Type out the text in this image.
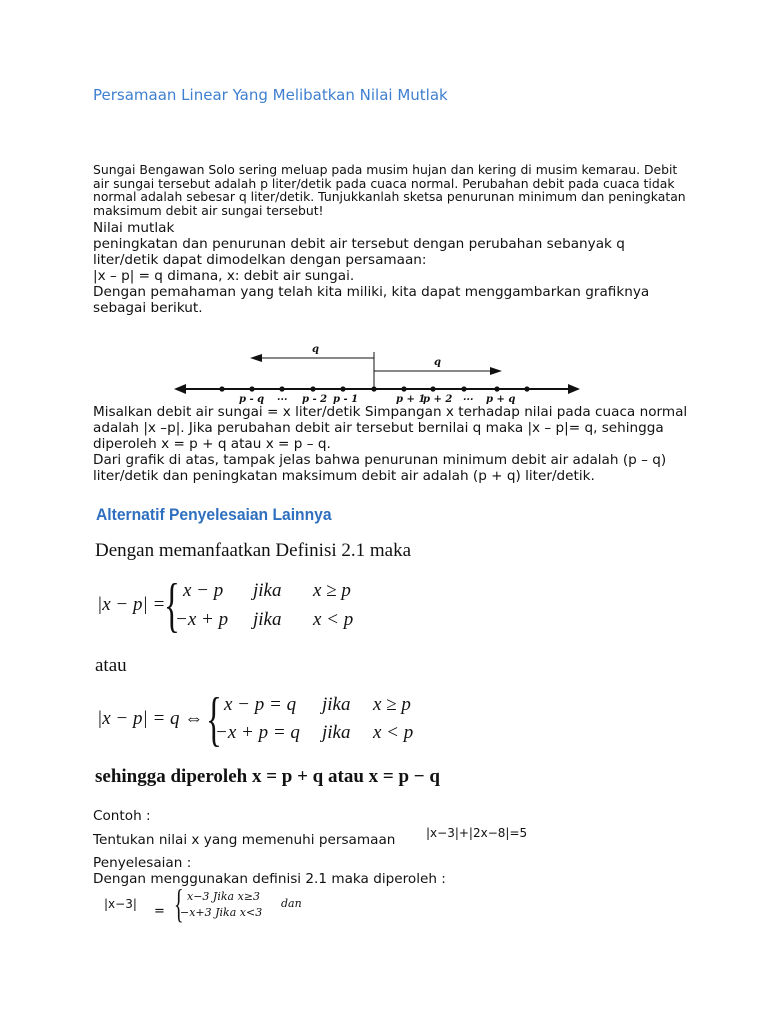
Persamaan Linear Yang Melibatkan Nilai Mutlak
Sungai Bengawan Solo sering meluap pada musim hujan dan kering di musim kemarau. Debit air sungai tersebut adalah p liter/detik pada cuaca normal. Perubahan debit pada cuaca tidak normal adalah sebesar q liter/detik. Tunjukkanlah sketsa penurunan minimum dan peningkatan maksimum debit air sungai tersebut!
Nilai mutlak
peningkatan dan penurunan debit air tersebut dengan perubahan sebanyak q liter/detik dapat dimodelkan dengan persamaan:
|x – p| = q dimana, x: debit air sungai.
Dengan pemahaman yang telah kita miliki, kita dapat menggambarkan grafiknya sebagai berikut.
q
q
p - q ... p - 2 p - 1	p + 1
p + 2 ... p + q
Misalkan debit air sungai = x liter/detik Simpangan x terhadap nilai pada cuaca normal adalah |x –p|. Jika perubahan debit air tersebut bernilai q maka |x – p|= q, sehingga diperoleh x = p + q atau x = p – q.
Dari grafik di atas, tampak jelas bahwa penurunan minimum debit air adalah (p – q) liter/detik dan peningkatan maksimum debit air adalah (p + q) liter/detik.
Alternatif Penyelesaian Lainnya
Dengan memanfaatkan Definisi 2.1 maka
|x − p| =
{ x − p jika x ≥ p
−x + p jika x < p
atau
|x − p| = q ⇔ { x − p = q jika x ≥ p
−x + p = q jika x < p
sehingga diperoleh x = p + q atau x = p − q
Contoh :
Tentukan nilai x yang memenuhi persamaan	|x−3|+|2x−8|=5
Penyelesaian :
Dengan menggunakan definisi 2.1 maka diperoleh :
|x−3| = { x−3 Jika x≥3
−x+3 Jika x<3
dan
